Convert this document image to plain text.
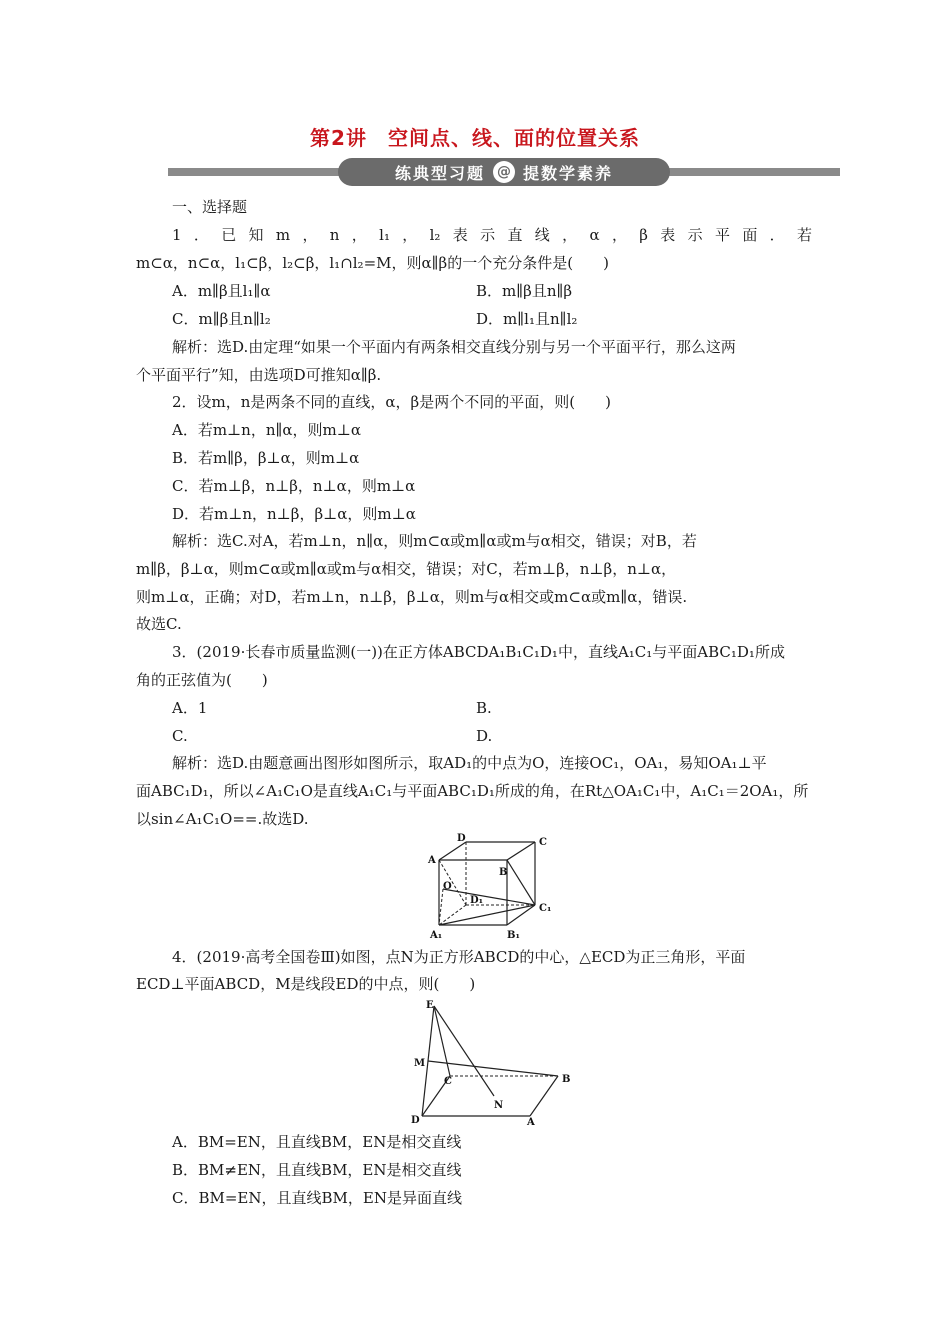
第2讲　空间点、线、面的位置关系
练典型习题 @ 提数学素养
一、选择题
1．已知m，n，l₁，l₂表示直线，α，β表示平面．若
m⊂α，n⊂α，l₁⊂β，l₂⊂β，l₁∩l₂=M，则α∥β的一个充分条件是(　　)
A．m∥β且l₁∥α	B．m∥β且n∥β
C．m∥β且n∥l₂	D．m∥l₁且n∥l₂
解析：选D.由定理“如果一个平面内有两条相交直线分别与另一个平面平行，那么这两
个平面平行”知，由选项D可推知α∥β.
2．设m，n是两条不同的直线，α，β是两个不同的平面，则(　　)
A．若m⊥n，n∥α，则m⊥α
B．若m∥β，β⊥α，则m⊥α
C．若m⊥β，n⊥β，n⊥α，则m⊥α
D．若m⊥n，n⊥β，β⊥α，则m⊥α
解析：选C.对A，若m⊥n，n∥α，则m⊂α或m∥α或m与α相交，错误；对B，若
m∥β，β⊥α，则m⊂α或m∥α或m与α相交，错误；对C，若m⊥β，n⊥β，n⊥α，
则m⊥α，正确；对D，若m⊥n，n⊥β，β⊥α，则m与α相交或m⊂α或m∥α，错误.
故选C.
3．(2019·长春市质量监测(一))在正方体ABCDA₁B₁C₁D₁中，直线A₁C₁与平面ABC₁D₁所成
角的正弦值为(　　)
A．1	B.
C.	D.
解析：选D.由题意画出图形如图所示，取AD₁的中点为O，连接OC₁，OA₁，易知OA₁⊥平
面ABC₁D₁，所以∠A₁C₁O是直线A₁C₁与平面ABC₁D₁所成的角，在Rt△OA₁C₁中，A₁C₁＝2OA₁，所
以sin∠A₁C₁O==.故选D.
D	C
A
B
O
D₁
C₁
A₁	B₁
4．(2019·高考全国卷Ⅲ)如图，点N为正方形ABCD的中心，△ECD为正三角形，平面
ECD⊥平面ABCD，M是线段ED的中点，则(　　)
E
M
C	B
N
D	A
A．BM=EN，且直线BM，EN是相交直线
B．BM≠EN，且直线BM，EN是相交直线
C．BM=EN，且直线BM，EN是异面直线
